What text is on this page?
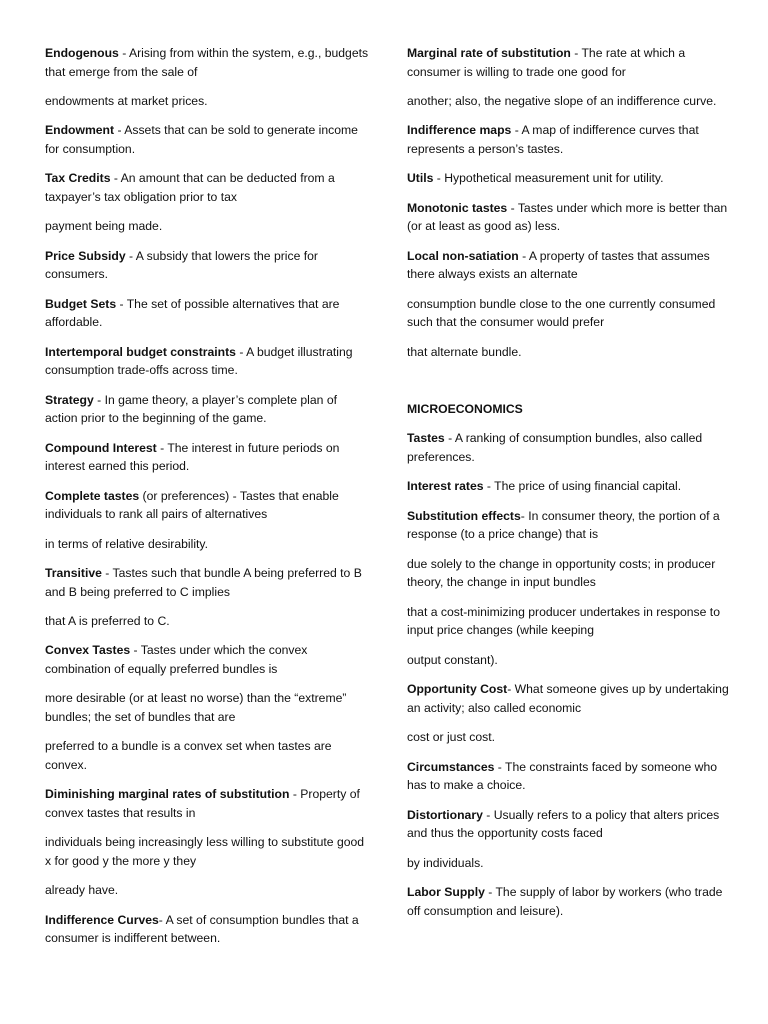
Endogenous - Arising from within the system, e.g., budgets that emerge from the sale of

endowments at market prices.

Endowment - Assets that can be sold to generate income for consumption.

Tax Credits - An amount that can be deducted from a taxpayer’s tax obligation prior to tax

payment being made.

Price Subsidy - A subsidy that lowers the price for consumers.

Budget Sets - The set of possible alternatives that are affordable.

Intertemporal budget constraints - A budget illustrating consumption trade-offs across time.

Strategy - In game theory, a player’s complete plan of action prior to the beginning of the game.

Compound Interest - The interest in future periods on interest earned this period.

Complete tastes (or preferences) - Tastes that enable individuals to rank all pairs of alternatives

in terms of relative desirability.

Transitive - Tastes such that bundle A being preferred to B and B being preferred to C implies

that A is preferred to C.

Convex Tastes - Tastes under which the convex combination of equally preferred bundles is

more desirable (or at least no worse) than the “extreme” bundles; the set of bundles that are

preferred to a bundle is a convex set when tastes are convex.

Diminishing marginal rates of substitution - Property of convex tastes that results in

individuals being increasingly less willing to substitute good x for good y the more y they

already have.

Indifference Curves- A set of consumption bundles that a consumer is indifferent between.

Marginal rate of substitution - The rate at which a consumer is willing to trade one good for

another; also, the negative slope of an indifference curve.

Indifference maps - A map of indifference curves that represents a person’s tastes.

Utils - Hypothetical measurement unit for utility.

Monotonic tastes - Tastes under which more is better than (or at least as good as) less.

Local non-satiation - A property of tastes that assumes there always exists an alternate

consumption bundle close to the one currently consumed such that the consumer would prefer

that alternate bundle.

MICROECONOMICS

Tastes - A ranking of consumption bundles, also called preferences.

Interest rates - The price of using financial capital.

Substitution effects- In consumer theory, the portion of a response (to a price change) that is

due solely to the change in opportunity costs; in producer theory, the change in input bundles

that a cost-minimizing producer undertakes in response to input price changes (while keeping

output constant).

Opportunity Cost- What someone gives up by undertaking an activity; also called economic

cost or just cost.

Circumstances - The constraints faced by someone who has to make a choice.

Distortionary - Usually refers to a policy that alters prices and thus the opportunity costs faced

by individuals.

Labor Supply - The supply of labor by workers (who trade off consumption and leisure).
